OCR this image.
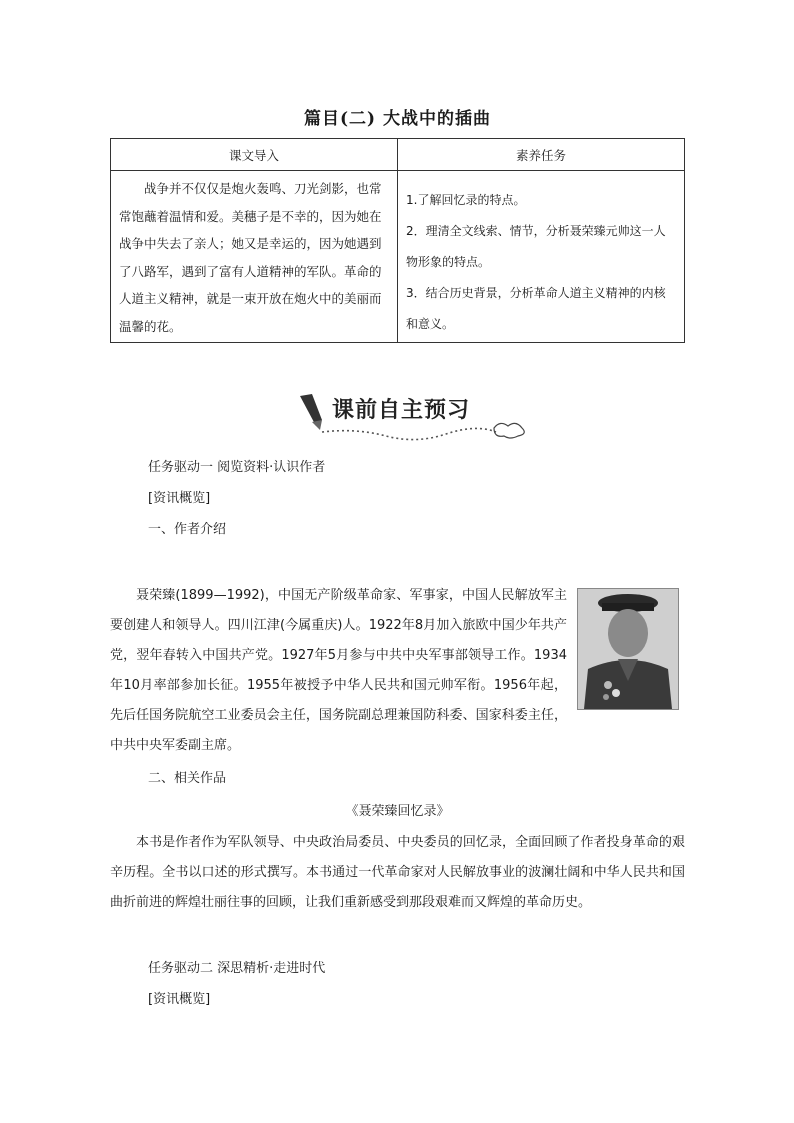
篇目(二) 大战中的插曲
课文导入	素养任务
战争并不仅仅是炮火轰鸣、刀光剑影，也常常饱蘸着温情和爱。美穗子是不幸的，因为她在战争中失去了亲人；她又是幸运的，因为她遇到了八路军，遇到了富有人道精神的军队。革命的人道主义精神，就是一束开放在炮火中的美丽而温馨的花。	1.了解回忆录的特点。
2．理清全文线索、情节，分析聂荣臻元帅这一人物形象的特点。
3．结合历史背景，分析革命人道主义精神的内核和意义。
课前自主预习
任务驱动一 阅览资料·认识作者
[资讯概览]
一、作者介绍
聂荣臻(1899—1992)，中国无产阶级革命家、军事家，中国人民解放军主要创建人和领导人。四川江津(今属重庆)人。1922年8月加入旅欧中国少年共产党，翌年春转入中国共产党。1927年5月参与中共中央军事部领导工作。1934年10月率部参加长征。1955年被授予中华人民共和国元帅军衔。1956年起，先后任国务院航空工业委员会主任，国务院副总理兼国防科委、国家科委主任，中共中央军委副主席。
二、相关作品
《聂荣臻回忆录》
本书是作者作为军队领导、中央政治局委员、中央委员的回忆录，全面回顾了作者投身革命的艰辛历程。全书以口述的形式撰写。本书通过一代革命家对人民解放事业的波澜壮阔和中华人民共和国曲折前进的辉煌壮丽往事的回顾，让我们重新感受到那段艰难而又辉煌的革命历史。
任务驱动二 深思精析·走进时代
[资讯概览]
